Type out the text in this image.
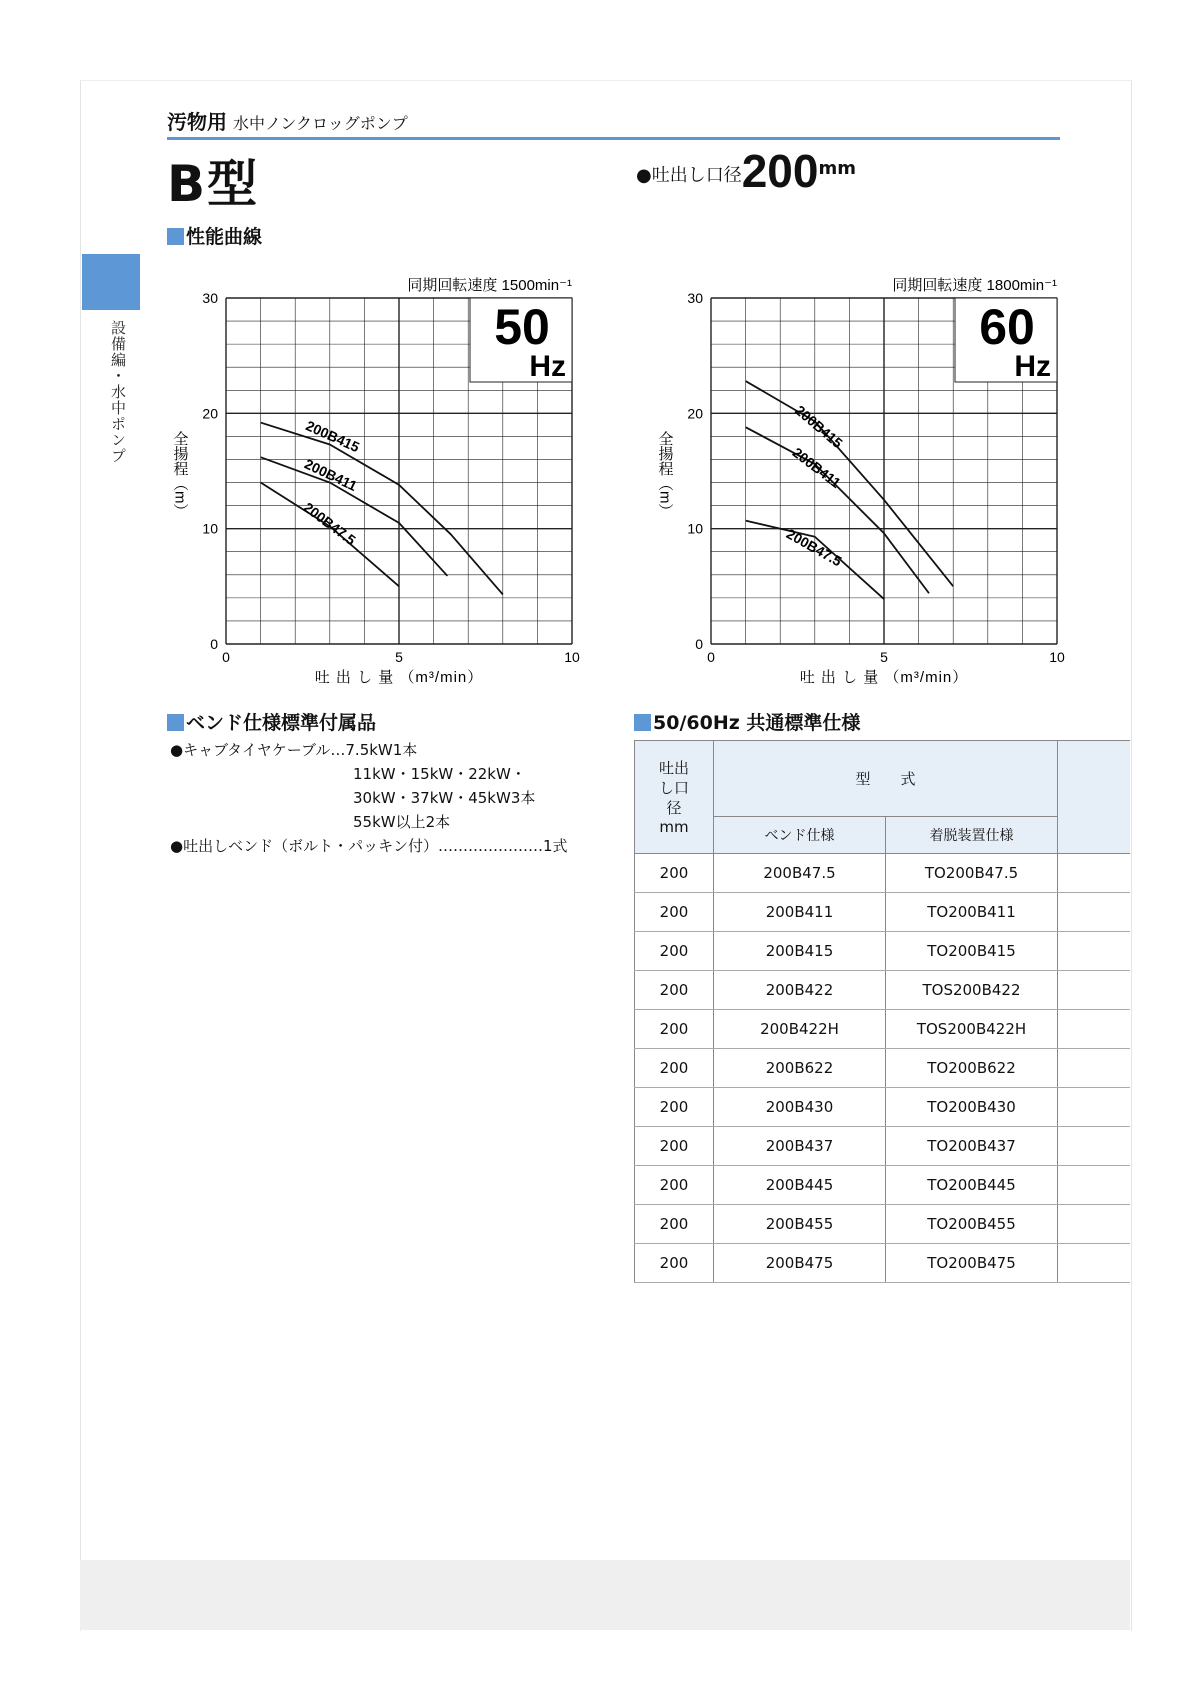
設備編・水中ポンプ
汚物用 水中ノンクロッグポンプ
B型	●吐出し口径$200^{mm}$
性能曲線
50
Hz
同期回転速度 1500min⁻¹
0
10
20
30
0	5	10
吐 出 し 量 （m³/min）
全揚程（m）	200B415
200B411
200B47.5
60
Hz
同期回転速度 1800min⁻¹
0
10
20
30
0	5	10
吐 出 し 量 （m³/min）
全揚程（m）
200B415
200B411
200B47.5
ベンド仕様標準付属品
●キャブタイヤケーブル…7.5kW1本
11kW・15kW・22kW・
30kW・37kW・45kW3本
55kW以上2本
●吐出しベンド（ボルト・パッキン付）…………………1式
50/60Hz 共通標準仕様
吐出し口 径
mm	型　　式		
	ベンド仕様	着脱装置仕様	
200	200B47.5	TO200B47.5	
200	200B411	TO200B411	
200	200B415	TO200B415	
200	200B422	TOS200B422	
200	200B422H	TOS200B422H	
200	200B622	TO200B622	
200	200B430	TO200B430	
200	200B437	TO200B437	
200	200B445	TO200B445	
200	200B455	TO200B455	
200	200B475	TO200B475	
